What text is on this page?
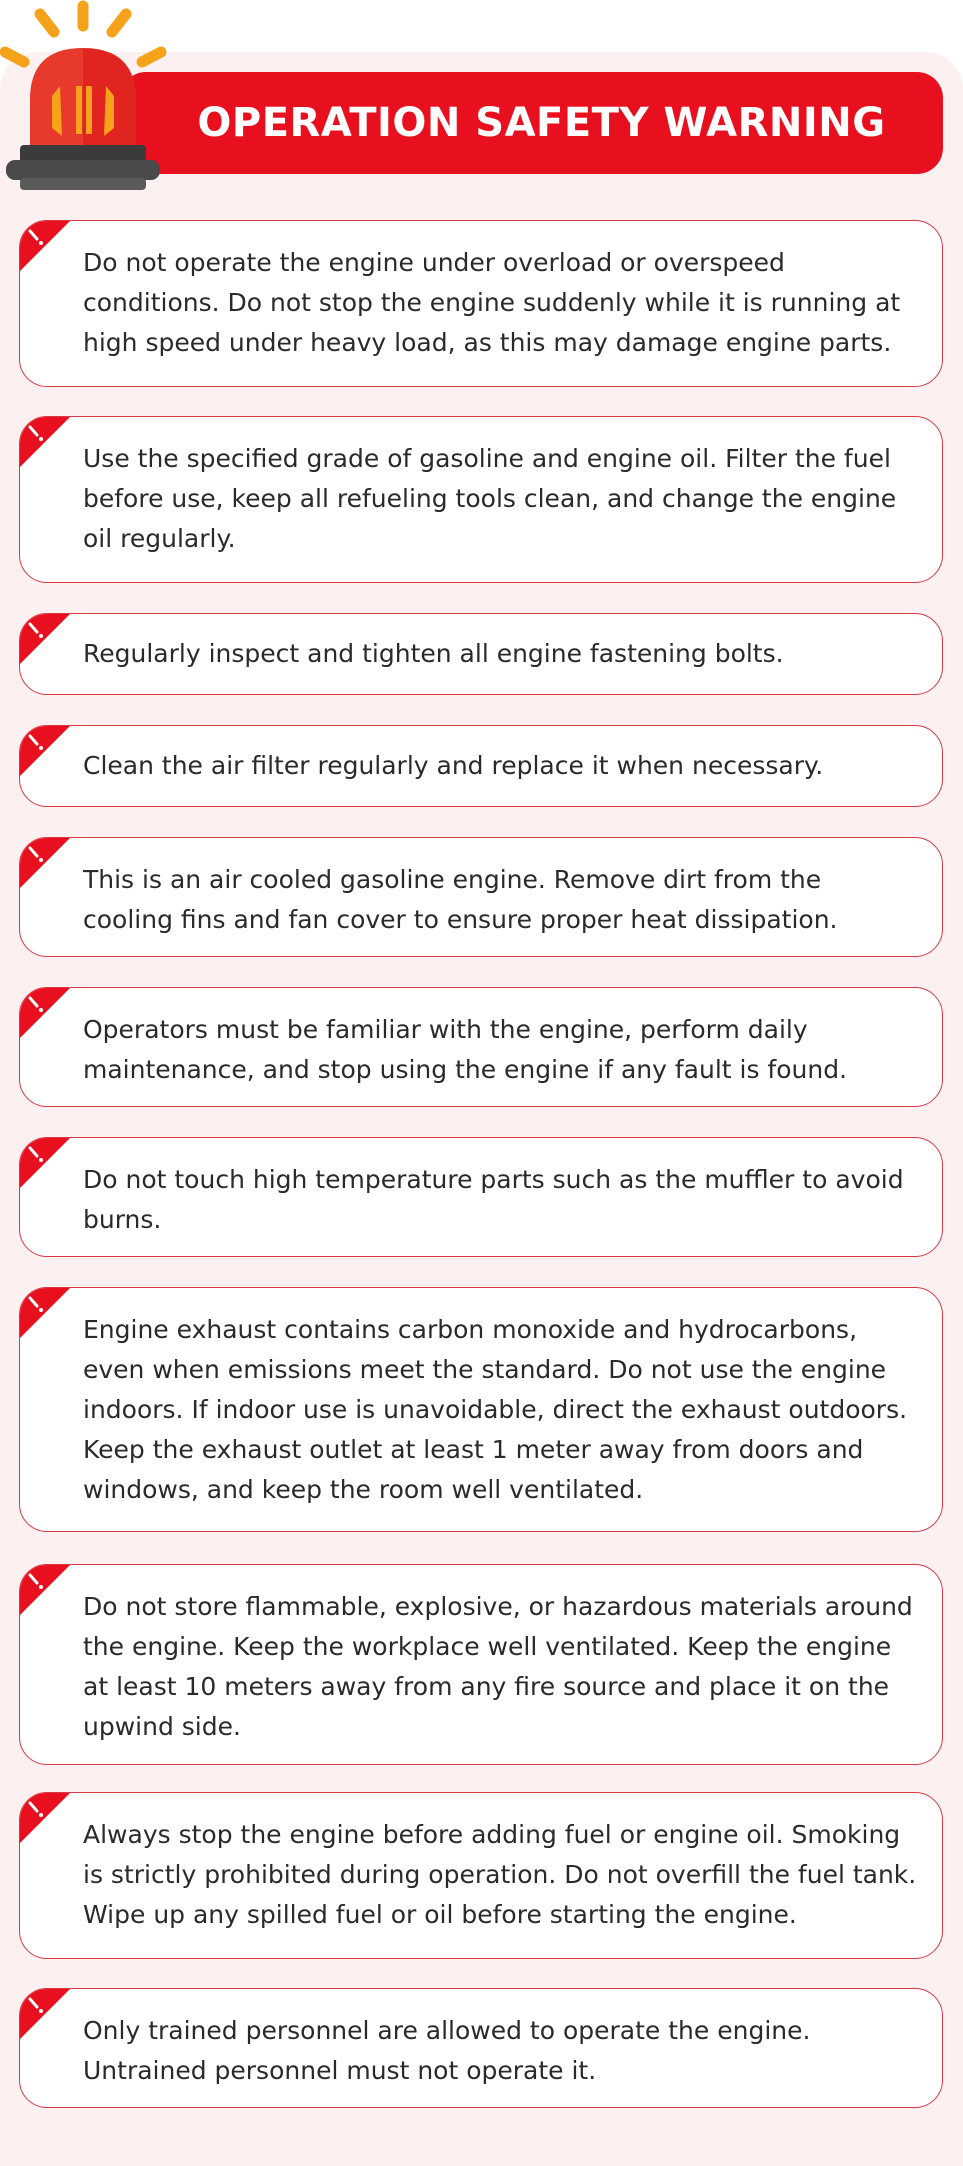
OPERATION SAFETY WARNING

Do not operate the engine under overload or overspeed conditions. Do not stop the engine suddenly while it is running at high speed under heavy load, as this may damage engine parts.

Use the specified grade of gasoline and engine oil. Filter the fuel before use, keep all refueling tools clean, and change the engine oil regularly.

Regularly inspect and tighten all engine fastening bolts.

Clean the air filter regularly and replace it when necessary.

This is an air cooled gasoline engine. Remove dirt from the cooling fins and fan cover to ensure proper heat dissipation.

Operators must be familiar with the engine, perform daily maintenance, and stop using the engine if any fault is found.

Do not touch high temperature parts such as the muffler to avoid burns.

Engine exhaust contains carbon monoxide and hydrocarbons, even when emissions meet the standard. Do not use the engine indoors. If indoor use is unavoidable, direct the exhaust outdoors. Keep the exhaust outlet at least 1 meter away from doors and windows, and keep the room well ventilated.

Do not store flammable, explosive, or hazardous materials around the engine. Keep the workplace well ventilated. Keep the engine at least 10 meters away from any fire source and place it on the upwind side.

Always stop the engine before adding fuel or engine oil. Smoking is strictly prohibited during operation. Do not overfill the fuel tank. Wipe up any spilled fuel or oil before starting the engine.

Only trained personnel are allowed to operate the engine. Untrained personnel must not operate it.
